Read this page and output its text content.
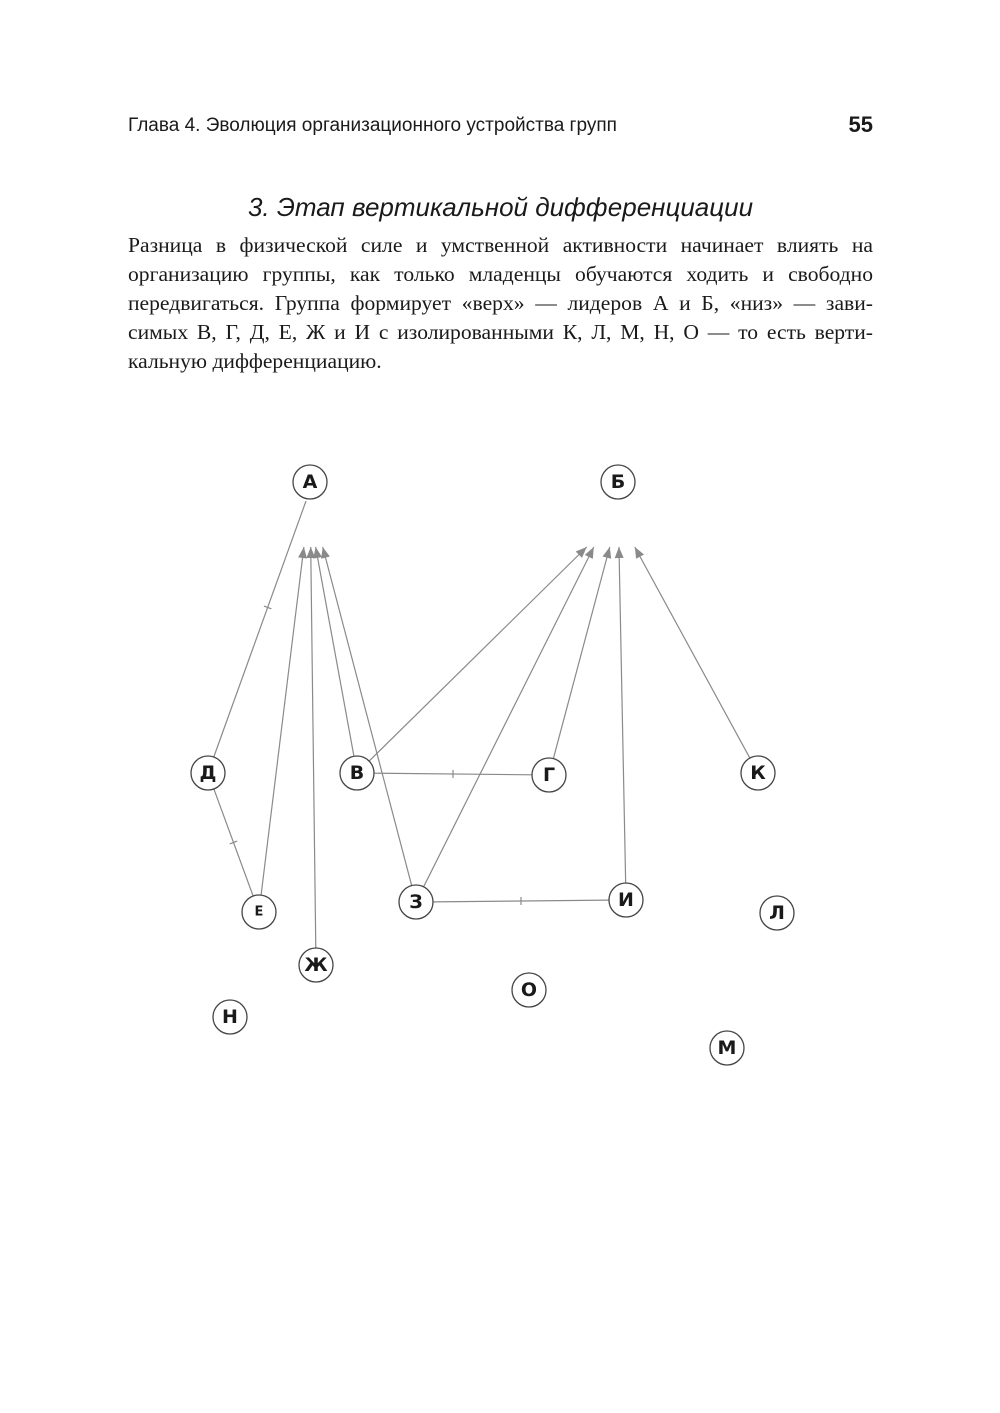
Глава 4. Эволюция организационного устройства групп	55
3. Этап вертикальной дифференциации
Разница в физической силе и умственной активности начинает влиять на
организацию группы, как только младенцы обучаются ходить и свободно
передвигаться. Группа формирует «верх» — лидеров А и Б, «низ» — зави-
симых В, Г, Д, Е, Ж и И с изолированными К, Л, М, Н, О — то есть верти-
кальную дифференциацию.
А	Б
Д	В	Г	К
Е	З	И
Л
Ж
О
Н
М
